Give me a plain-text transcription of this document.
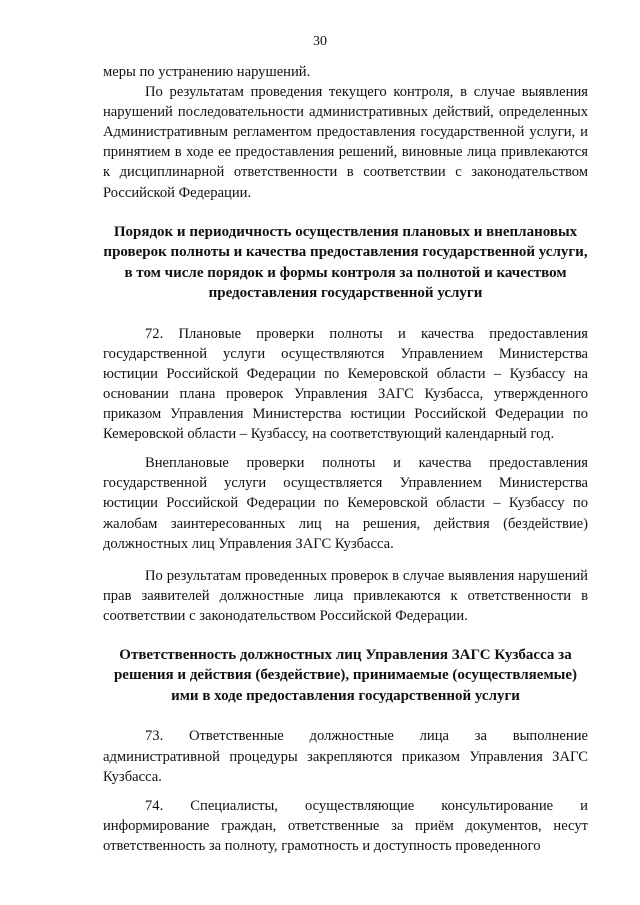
30

меры по устранению нарушений.

По результатам проведения текущего контроля, в случае выявления нарушений последовательности административных действий, определенных Административным регламентом предоставления государственной услуги, и принятием в ходе ее предоставления решений, виновные лица привлекаются к дисциплинарной ответственности в соответствии с законодательством Российской Федерации.

Порядок и периодичность осуществления плановых и внеплановых проверок полноты и качества предоставления государственной услуги, в том числе порядок и формы контроля за полнотой и качеством предоставления государственной услуги

72. Плановые проверки полноты и качества предоставления государственной услуги осуществляются Управлением Министерства юстиции Российской Федерации по Кемеровской области – Кузбассу на основании плана проверок Управления ЗАГС Кузбасса, утвержденного приказом Управления Министерства юстиции Российской Федерации по Кемеровской области – Кузбассу, на соответствующий календарный год.

Внеплановые проверки полноты и качества предоставления государственной услуги осуществляется Управлением Министерства юстиции Российской Федерации по Кемеровской области – Кузбассу по жалобам заинтересованных лиц на решения, действия (бездействие) должностных лиц Управления ЗАГС Кузбасса.

По результатам проведенных проверок в случае выявления нарушений прав заявителей должностные лица привлекаются к ответственности в соответствии с законодательством Российской Федерации.

Ответственность должностных лиц Управления ЗАГС Кузбасса за решения и действия (бездействие), принимаемые (осуществляемые) ими в ходе предоставления государственной услуги

73. Ответственные должностные лица за выполнение административной процедуры закрепляются приказом Управления ЗАГС Кузбасса.

74. Специалисты, осуществляющие консультирование и информирование граждан, ответственные за приём документов, несут ответственность за полноту, грамотность и доступность проведенного
